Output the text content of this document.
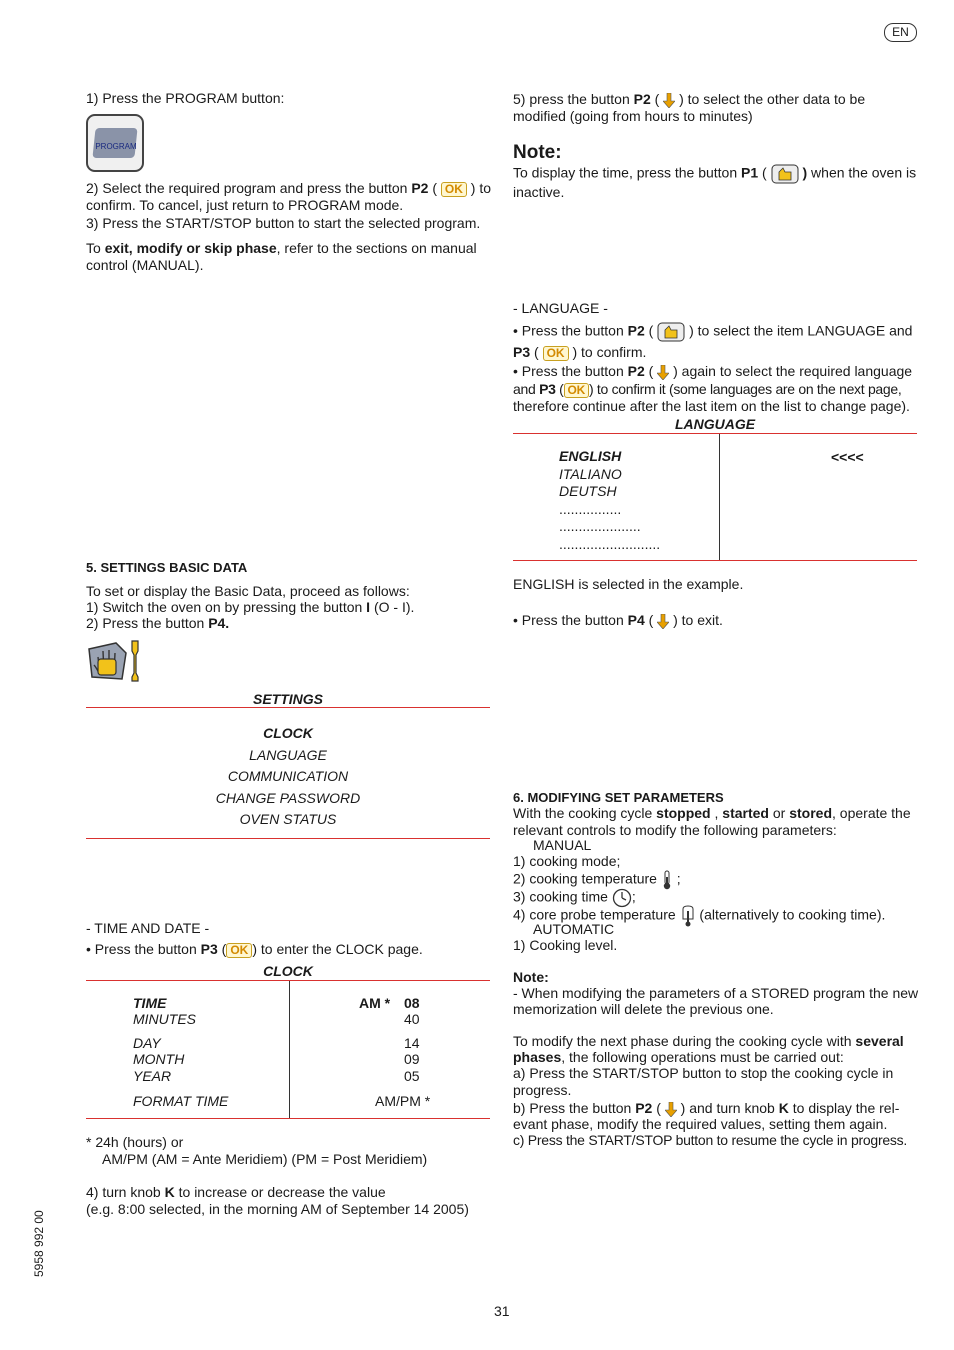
EN
1) Press the PROGRAM button:
PROGRAM
2) Select the required program and press the button P2 ( OK ) to confirm. To cancel, just return to PROGRAM mode.
3) Press the START/STOP button to start the selected program.
To exit, modify or skip phase, refer to the sections on manual control (MANUAL).
5. SETTINGS BASIC DATA
To set or display the Basic Data, proceed as follows:
1) Switch the oven on by pressing the button I (O - I).
2) Press the button P4.
SETTINGS
CLOCK
LANGUAGE
COMMUNICATION
CHANGE PASSWORD
OVEN STATUS
- TIME AND DATE -
• Press the button P3 ( OK ) to enter the CLOCK page.
CLOCK
TIME
MINUTES
DAY
MONTH
YEAR
FORMAT TIME
AM * 08
40
14
09
05
AM/PM *
* 24h (hours) or
AM/PM (AM = Ante Meridiem) (PM = Post Meridiem)
4) turn knob K to increase or decrease the value
(e.g. 8:00 selected, in the morning AM of September 14 2005)
5958 992 00
31
5) press the button P2 (  ) to select the other data to be modified (going from hours to minutes)
Note:
To display the time, press the button P1 (  ) when the oven is inactive.
- LANGUAGE -
• Press the button P2 (  ) to select the item LANGUAGE and
P3 ( OK ) to confirm.
• Press the button P2 (  ) again to select the required language
and P3 ( OK ) to confirm it (some languages are on the next page,
therefore continue after the last item on the list to change page).
LANGUAGE
ENGLISH
ITALIANO
DEUTSH
................
.....................
..........................
<<<<
ENGLISH is selected in the example.
• Press the button P4 (  ) to exit.
6. MODIFYING SET PARAMETERS
With the cooking cycle stopped , started or stored, operate the
relevant controls to modify the following parameters:
MANUAL
1) cooking mode;
2) cooking temperature  ;
3) cooking time ;
4) core probe temperature  (alternatively to cooking time).
AUTOMATIC
1) Cooking level.
Note:
- When modifying the parameters of a STORED program the new
memorization will delete the previous one.
To modify the next phase during the cooking cycle with several
phases, the following operations must be carried out:
a) Press the START/STOP button to stop the cooking cycle in
progress.
b) Press the button P2 (  ) and turn knob K to display the rel-
evant phase, modify the required values, setting them again.
c) Press the START/STOP button to resume the cycle in progress.
